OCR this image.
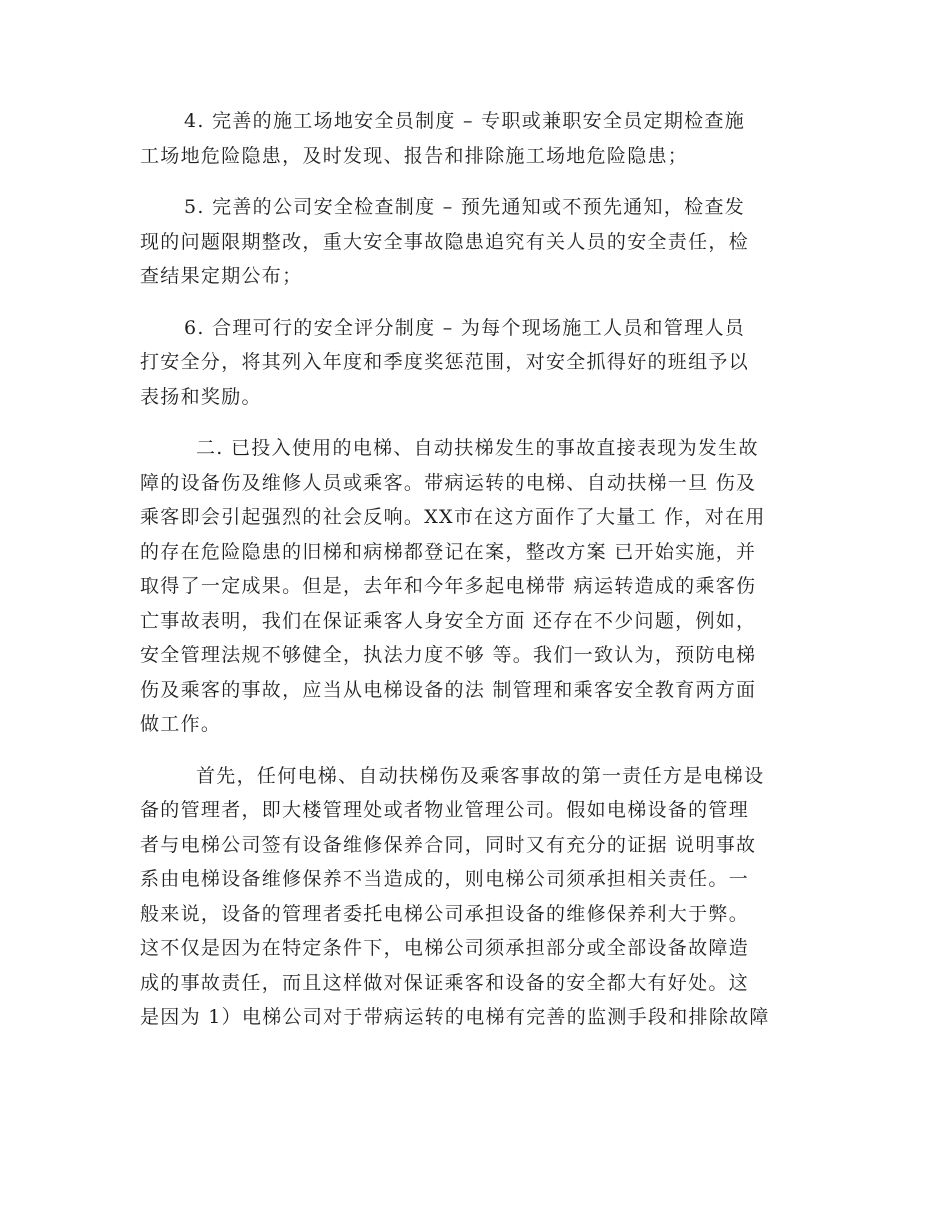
4. 完善的施工场地安全员制度 – 专职或兼职安全员定期检查施
工场地危险隐患，及时发现、报告和排除施工场地危险隐患；

5. 完善的公司安全检查制度 – 预先通知或不预先通知，检查发
现的问题限期整改，重大安全事故隐患追究有关人员的安全责任，检
查结果定期公布；

6. 合理可行的安全评分制度 – 为每个现场施工人员和管理人员
打安全分，将其列入年度和季度奖惩范围，对安全抓得好的班组予以
表扬和奖励。

二. 已投入使用的电梯、自动扶梯发生的事故直接表现为发生故
障的设备伤及维修人员或乘客。带病运转的电梯、自动扶梯一旦 伤及
乘客即会引起强烈的社会反响。XX市在这方面作了大量工 作，对在用
的存在危险隐患的旧梯和病梯都登记在案，整改方案 已开始实施，并
取得了一定成果。但是，去年和今年多起电梯带 病运转造成的乘客伤
亡事故表明，我们在保证乘客人身安全方面 还存在不少问题，例如，
安全管理法规不够健全，执法力度不够 等。我们一致认为，预防电梯
伤及乘客的事故，应当从电梯设备的法 制管理和乘客安全教育两方面
做工作。

首先，任何电梯、自动扶梯伤及乘客事故的第一责任方是电梯设
备的管理者，即大楼管理处或者物业管理公司。假如电梯设备的管理
者与电梯公司签有设备维修保养合同，同时又有充分的证据 说明事故
系由电梯设备维修保养不当造成的，则电梯公司须承担相关责任。一
般来说，设备的管理者委托电梯公司承担设备的维修保养利大于弊。
这不仅是因为在特定条件下，电梯公司须承担部分或全部设备故障造
成的事故责任，而且这样做对保证乘客和设备的安全都大有好处。这
是因为 1）电梯公司对于带病运转的电梯有完善的监测手段和排除故障
